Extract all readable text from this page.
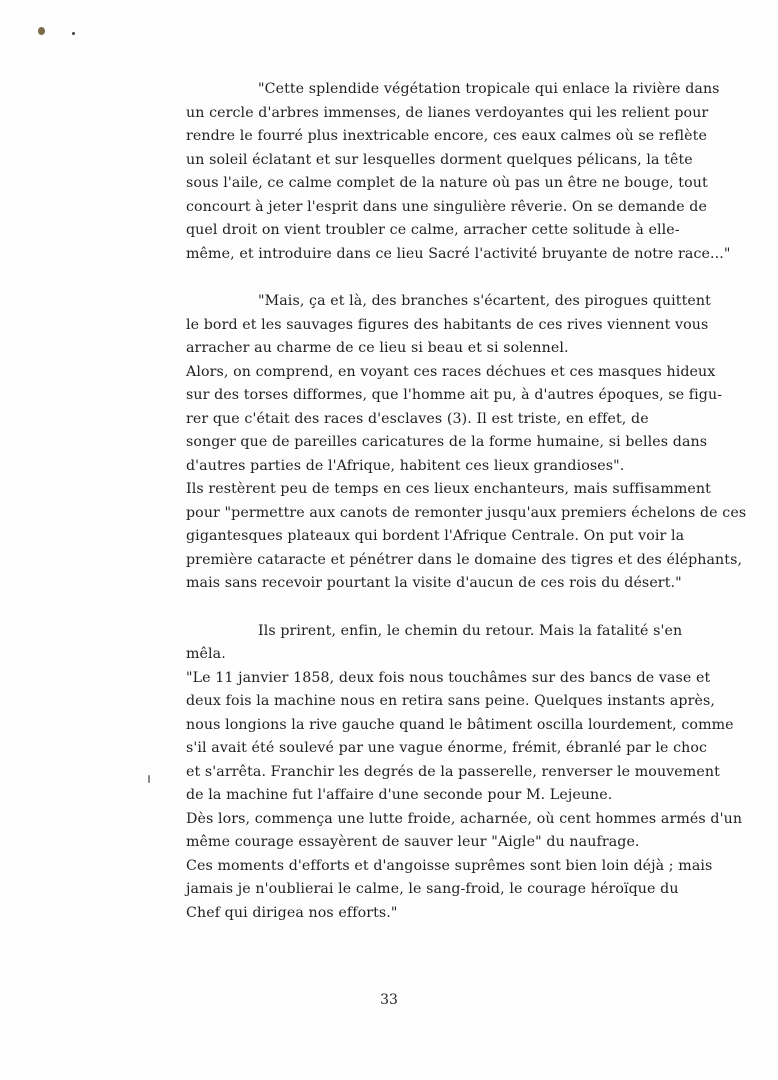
"Cette splendide végétation tropicale qui enlace la rivière dans
un cercle d'arbres immenses, de lianes verdoyantes qui les relient pour
rendre le fourré plus inextricable encore, ces eaux calmes où se reflète
un soleil éclatant et sur lesquelles dorment quelques pélicans, la tête
sous l'aile, ce calme complet de la nature où pas un être ne bouge, tout
concourt à jeter l'esprit dans une singulière rêverie. On se demande de
quel droit on vient troubler ce calme, arracher cette solitude à elle-
même, et introduire dans ce lieu Sacré l'activité bruyante de notre race..."
"Mais, ça et là, des branches s'écartent, des pirogues quittent
le bord et les sauvages figures des habitants de ces rives viennent vous
arracher au charme de ce lieu si beau et si solennel.
Alors, on comprend, en voyant ces races déchues et ces masques hideux
sur des torses difformes, que l'homme ait pu, à d'autres époques, se figu-
rer que c'était des races d'esclaves (3). Il est triste, en effet, de
songer que de pareilles caricatures de la forme humaine, si belles dans
d'autres parties de l'Afrique, habitent ces lieux grandioses".
Ils restèrent peu de temps en ces lieux enchanteurs, mais suffisamment
pour "permettre aux canots de remonter jusqu'aux premiers échelons de ces
gigantesques plateaux qui bordent l'Afrique Centrale. On put voir la
première cataracte et pénétrer dans le domaine des tigres et des éléphants,
mais sans recevoir pourtant la visite d'aucun de ces rois du désert."
Ils prirent, enfin, le chemin du retour. Mais la fatalité s'en
mêla.
"Le 11 janvier 1858, deux fois nous touchâmes sur des bancs de vase et
deux fois la machine nous en retira sans peine. Quelques instants après,
nous longions la rive gauche quand le bâtiment oscilla lourdement, comme
s'il avait été soulevé par une vague énorme, frémit, ébranlé par le choc
et s'arrêta. Franchir les degrés de la passerelle, renverser le mouvement
de la machine fut l'affaire d'une seconde pour M. Lejeune.
Dès lors, commença une lutte froide, acharnée, où cent hommes armés d'un
même courage essayèrent de sauver leur "Aigle" du naufrage.
Ces moments d'efforts et d'angoisse suprêmes sont bien loin déjà ; mais
jamais je n'oublierai le calme, le sang-froid, le courage héroïque du
Chef qui dirigea nos efforts."
33
